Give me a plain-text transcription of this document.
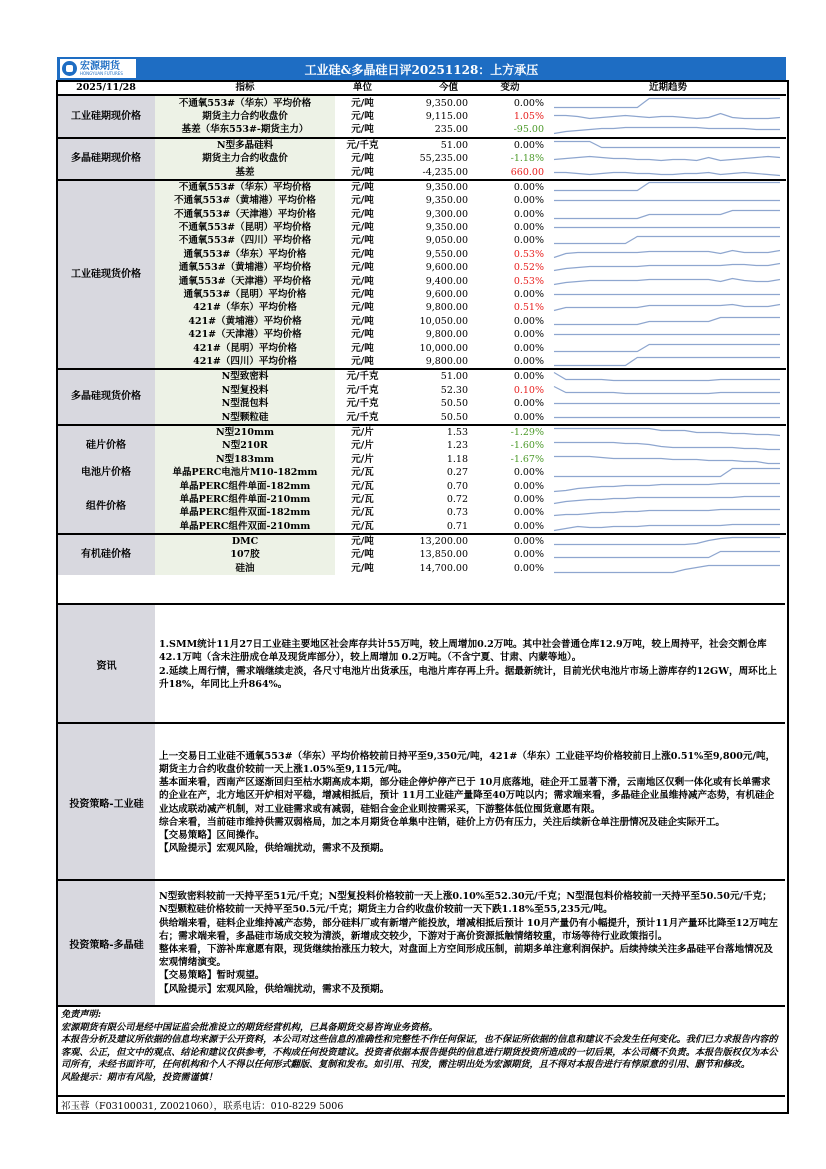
宏源期货
HONGYUAN FUTURES	工业硅&多晶硅日评20251128：上方承压
2025/11/28	指标	单位	今值	变动	近期趋势
工业硅期现价格	不通氧553#（华东）平均价格	元/吨	9,350.00	0.00%	

	期货主力合约收盘价	元/吨	9,115.00	1.05%	

	基差（华东553#-期货主力）	元/吨	235.00	-95.00	

多晶硅期现价格	N型多晶硅料	元/千克	51.00	0.00%	

	期货主力合约收盘价	元/吨	55,235.00	-1.18%	

	基差	元/吨	-4,235.00	660.00	

工业硅现货价格	不通氧553#（华东）平均价格	元/吨	9,350.00	0.00%	

	不通氧553#（黄埔港）平均价格	元/吨	9,350.00	0.00%	

	不通氧553#（天津港）平均价格	元/吨	9,300.00	0.00%	

	不通氧553#（昆明）平均价格	元/吨	9,350.00	0.00%	

	不通氧553#（四川）平均价格	元/吨	9,050.00	0.00%	

	通氧553#（华东）平均价格	元/吨	9,550.00	0.53%	

	通氧553#（黄埔港）平均价格	元/吨	9,600.00	0.52%	

	通氧553#（天津港）平均价格	元/吨	9,400.00	0.53%	

	通氧553#（昆明）平均价格	元/吨	9,600.00	0.00%	

	421#（华东）平均价格	元/吨	9,800.00	0.51%	

	421#（黄埔港）平均价格	元/吨	10,050.00	0.00%	

	421#（天津港）平均价格	元/吨	9,800.00	0.00%	

	421#（昆明）平均价格	元/吨	10,000.00	0.00%	

	421#（四川）平均价格	元/吨	9,800.00	0.00%	

多晶硅现货价格	N型致密料	元/千克	51.00	0.00%	

	N型复投料	元/千克	52.30	0.10%	

	N型混包料	元/千克	50.50	0.00%	

	N型颗粒硅	元/千克	50.50	0.00%	

硅片价格	N型210mm	元/片	1.53	-1.29%	

	N型210R	元/片	1.23	-1.60%	

	N型183mm	元/片	1.18	-1.67%	

电池片价格	单晶PERC电池片M10-182mm	元/瓦	0.27	0.00%	

组件价格	单晶PERC组件单面-182mm	元/瓦	0.70	0.00%	

	单晶PERC组件单面-210mm	元/瓦	0.72	0.00%	

	单晶PERC组件双面-182mm	元/瓦	0.73	0.00%	

	单晶PERC组件双面-210mm	元/瓦	0.71	0.00%	

有机硅价格	DMC	元/吨	13,200.00	0.00%	

	107胶	元/吨	13,850.00	0.00%	

	硅油	元/吨	14,700.00	0.00%	
资讯

1.SMM统计11月27日工业硅主要地区社会库存共计55万吨，较上周增加0.2万吨。其中社会普通仓库12.9万吨，较上周持平，社会交割仓库42.1万吨（含未注册成仓单及现货库部分），较上周增加 0.2万吨。（不含宁夏、甘肃、内蒙等地）。

2.延续上周行情，需求端继续走淡，各尺寸电池片出货承压，电池片库存再上升。据最新统计，目前光伏电池片市场上游库存约12GW，周环比上升18%，年同比上升864%。

投资策略-工业硅

上一交易日工业硅不通氧553#（华东）平均价格较前日持平至9,350元/吨，421#（华东）工业硅平均价格较前日上涨0.51%至9,800元/吨，期货主力合约收盘价较前一天上涨1.05%至9,115元/吨。

基本面来看，西南产区逐渐回归至枯水期高成本期，部分硅企停炉停产已于 10月底落地，硅企开工显著下滑，云南地区仅剩一体化或有长单需求的企业在产，北方地区开炉相对平稳，增减相抵后，预计 11月工业硅产量降至40万吨以内；需求端来看，多晶硅企业虽维持减产态势，有机硅企业达成联动减产机制，对工业硅需求或有减弱，硅铝合金企业则按需采买，下游整体低位囤货意愿有限。

综合来看，当前硅市维持供需双弱格局，加之本月期货仓单集中注销，硅价上方仍有压力，关注后续新仓单注册情况及硅企实际开工。

【交易策略】区间操作。

【风险提示】宏观风险，供给端扰动，需求不及预期。

投资策略-多晶硅

N型致密料较前一天持平至51元/千克；N型复投料价格较前一天上涨0.10%至52.30元/千克；N型混包料价格较前一天持平至50.50元/千克；N型颗粒硅价格较前一天持平至50.5元/千克；期货主力合约收盘价较前一天下跌1.18%至55,235元/吨。

供给端来看，硅料企业维持减产态势，部分硅料厂或有新增产能投放，增减相抵后预计 10月产量仍有小幅提升，预计11月产量环比降至12万吨左右；需求端来看，多晶硅市场成交较为清淡，新增成交较少，下游对于高价资源抵触情绪较重，市场等待行业政策指引。

整体来看，下游补库意愿有限，现货继续抬涨压力较大，对盘面上方空间形成压制，前期多单注意利润保护。后续持续关注多晶硅平台落地情况及宏观情绪演变。

【交易策略】暂时观望。

【风险提示】宏观风险，供给端扰动，需求不及预期。

免责声明:

宏源期货有限公司是经中国证监会批准设立的期货经营机构，已具备期货交易咨询业务资格。

本报告分析及建议所依据的信息均来源于公开资料，本公司对这些信息的准确性和完整性不作任何保证，也不保证所依据的信息和建议不会发生任何变化。我们已力求报告内容的客观、公正，但文中的观点、结论和建议仅供参考，不构成任何投资建议。投资者依据本报告提供的信息进行期货投资所造成的一切后果，本公司概不负责。本报告版权仅为本公司所有，未经书面许可，任何机构和个人不得以任何形式翻版、复制和发布。如引用、刊发，需注明出处为宏源期货，且不得对本报告进行有悖原意的引用、删节和修改。

风险提示：期市有风险，投资需谨慎！

祁玉蓉（F03100031, Z0021060），联系电话：010-8229 5006
